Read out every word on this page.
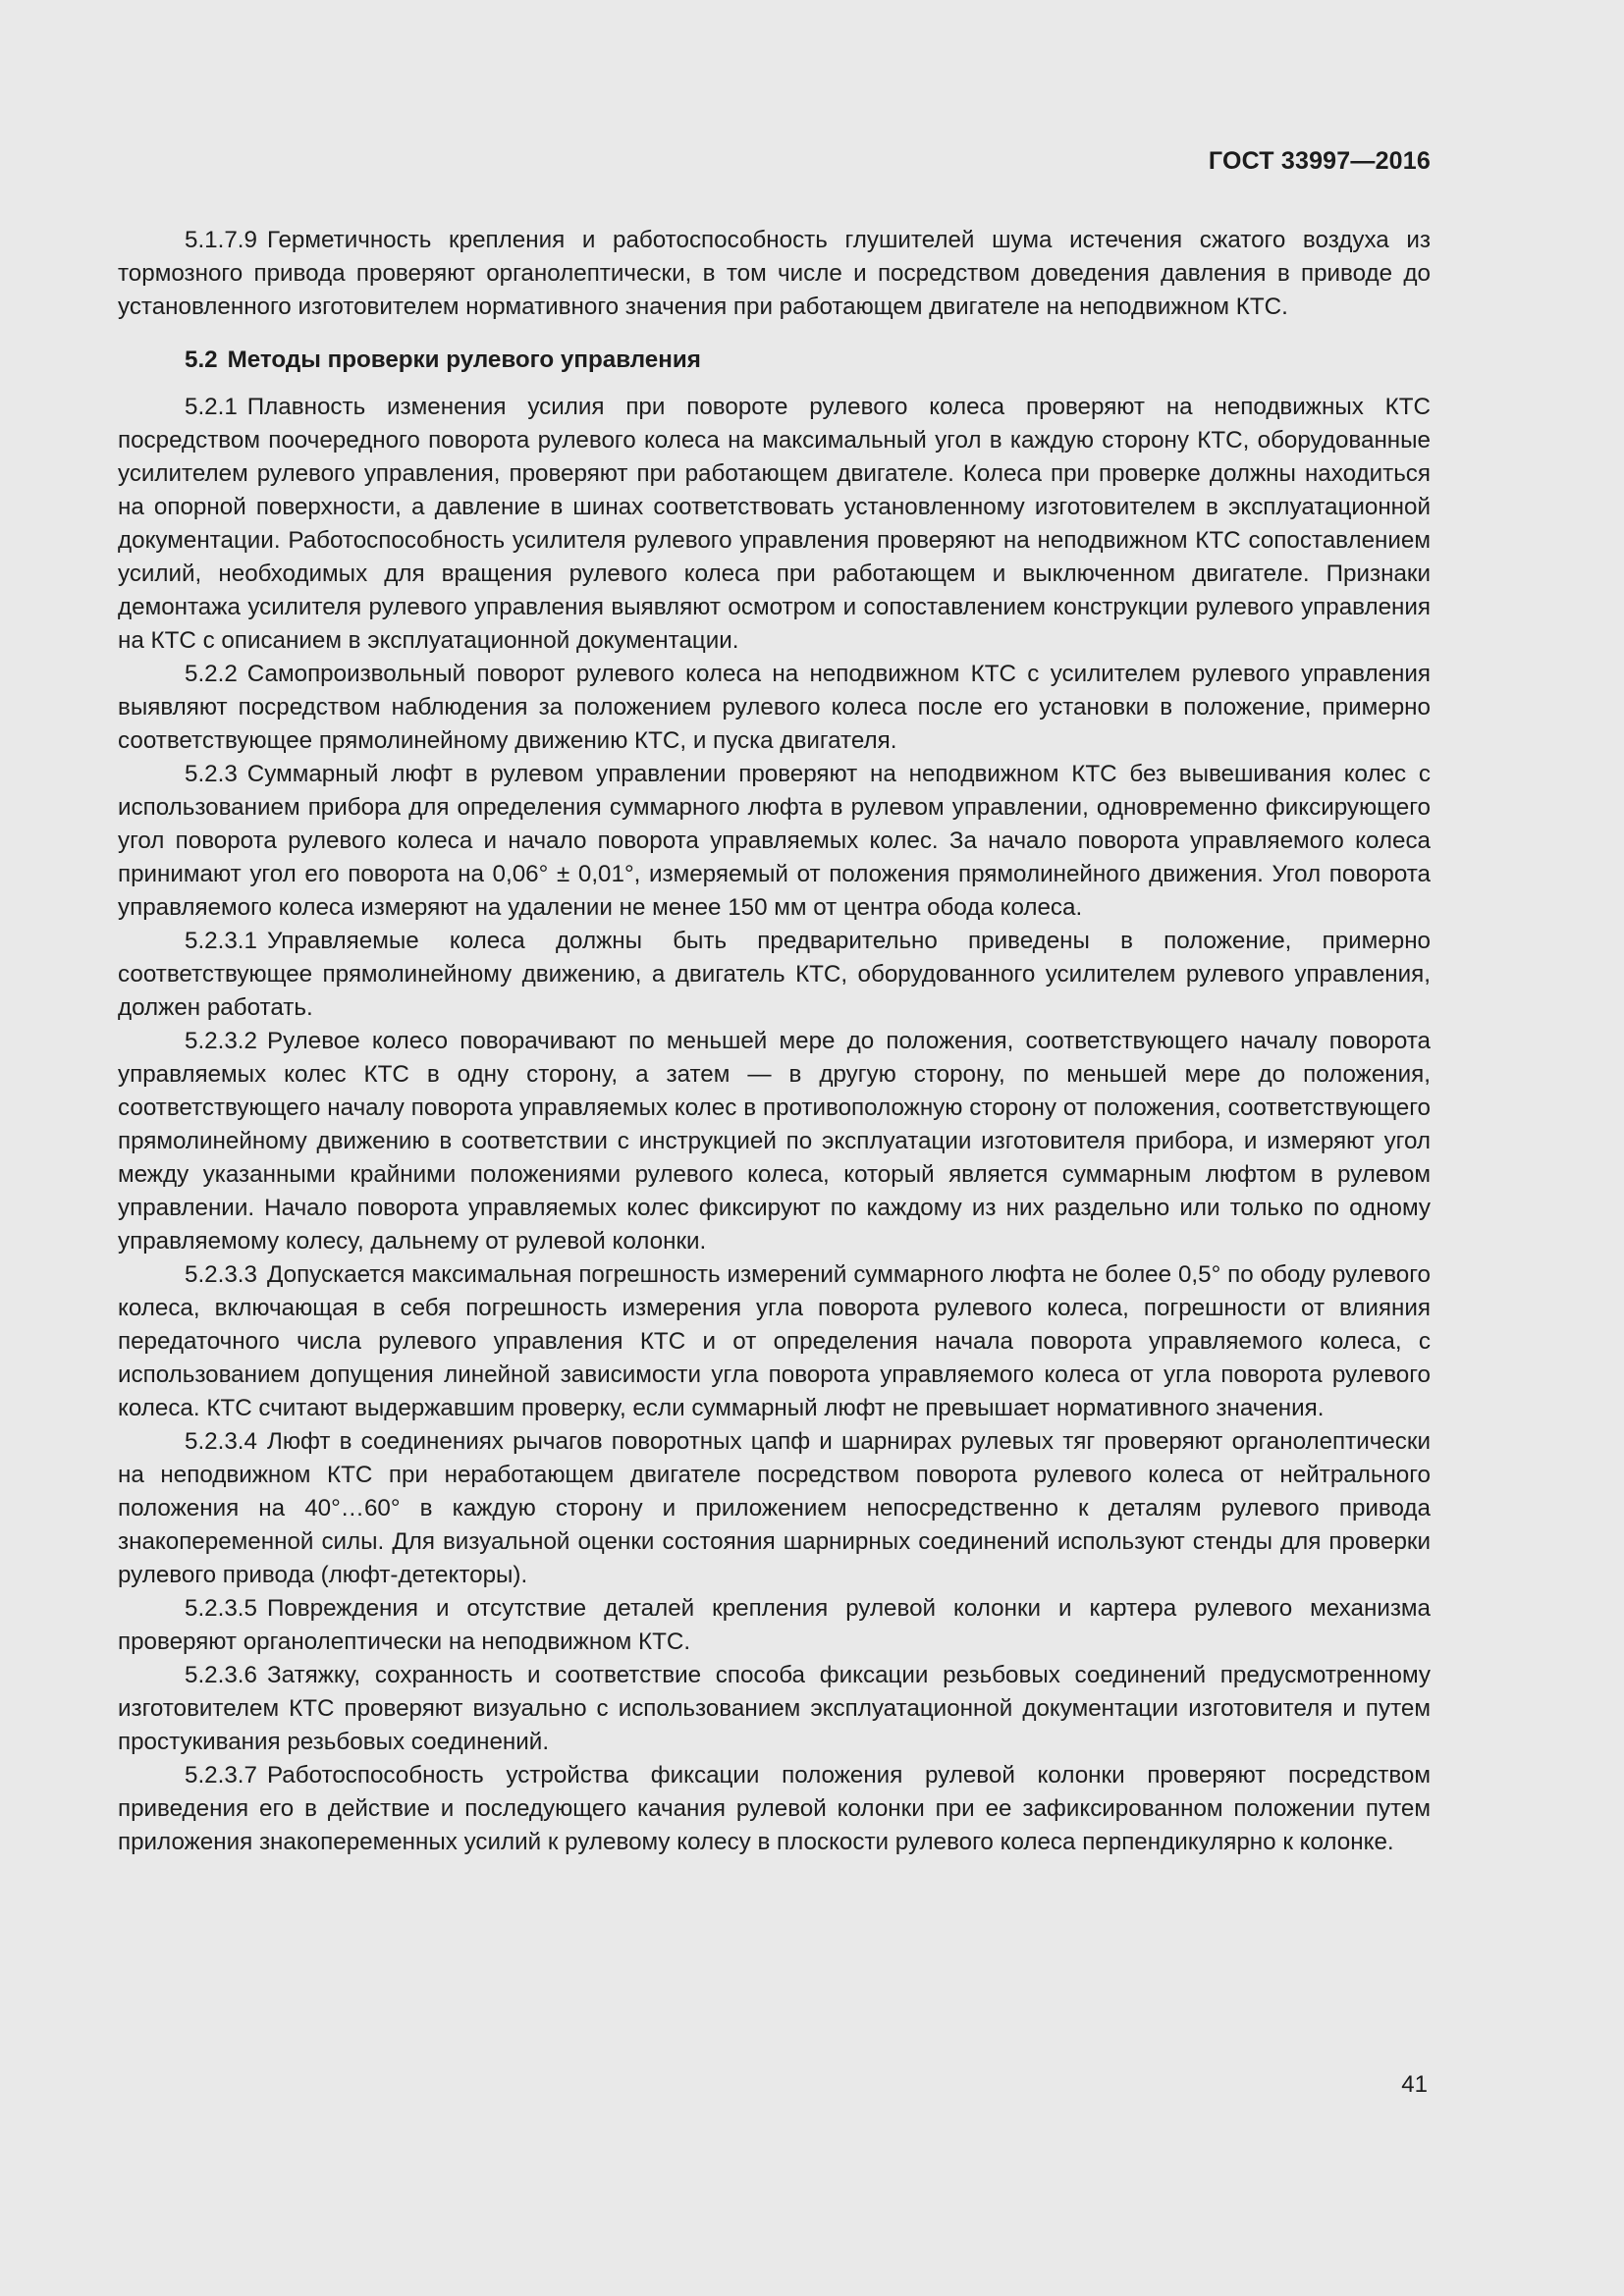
ГОСТ 33997—2016

5.1.7.9 Герметичность крепления и работоспособность глушителей шума истечения сжатого воздуха из тормозного привода проверяют органолептически, в том числе и посредством доведения давления в приводе до установленного изготовителем нормативного значения при работающем двигателе на неподвижном КТС.

5.2 Методы проверки рулевого управления

5.2.1 Плавность изменения усилия при повороте рулевого колеса проверяют на неподвижных КТС посредством поочередного поворота рулевого колеса на максимальный угол в каждую сторону КТС, оборудованные усилителем рулевого управления, проверяют при работающем двигателе. Колеса при проверке должны находиться на опорной поверхности, а давление в шинах соответствовать установленному изготовителем в эксплуатационной документации. Работоспособность усилителя рулевого управления проверяют на неподвижном КТС сопоставлением усилий, необходимых для вращения рулевого колеса при работающем и выключенном двигателе. Признаки демонтажа усилителя рулевого управления выявляют осмотром и сопоставлением конструкции рулевого управления на КТС с описанием в эксплуатационной документации.

5.2.2 Самопроизвольный поворот рулевого колеса на неподвижном КТС с усилителем рулевого управления выявляют посредством наблюдения за положением рулевого колеса после его установки в положение, примерно соответствующее прямолинейному движению КТС, и пуска двигателя.

5.2.3 Суммарный люфт в рулевом управлении проверяют на неподвижном КТС без вывешивания колес с использованием прибора для определения суммарного люфта в рулевом управлении, одновременно фиксирующего угол поворота рулевого колеса и начало поворота управляемых колес. За начало поворота управляемого колеса принимают угол его поворота на 0,06° ± 0,01°, измеряемый от положения прямолинейного движения. Угол поворота управляемого колеса измеряют на удалении не менее 150 мм от центра обода колеса.

5.2.3.1 Управляемые колеса должны быть предварительно приведены в положение, примерно соответствующее прямолинейному движению, а двигатель КТС, оборудованного усилителем рулевого управления, должен работать.

5.2.3.2 Рулевое колесо поворачивают по меньшей мере до положения, соответствующего началу поворота управляемых колес КТС в одну сторону, а затем — в другую сторону, по меньшей мере до положения, соответствующего началу поворота управляемых колес в противоположную сторону от положения, соответствующего прямолинейному движению в соответствии с инструкцией по эксплуатации изготовителя прибора, и измеряют угол между указанными крайними положениями рулевого колеса, который является суммарным люфтом в рулевом управлении. Начало поворота управляемых колес фиксируют по каждому из них раздельно или только по одному управляемому колесу, дальнему от рулевой колонки.

5.2.3.3 Допускается максимальная погрешность измерений суммарного люфта не более 0,5° по ободу рулевого колеса, включающая в себя погрешность измерения угла поворота рулевого колеса, погрешности от влияния передаточного числа рулевого управления КТС и от определения начала поворота управляемого колеса, с использованием допущения линейной зависимости угла поворота управляемого колеса от угла поворота рулевого колеса. КТС считают выдержавшим проверку, если суммарный люфт не превышает нормативного значения.

5.2.3.4 Люфт в соединениях рычагов поворотных цапф и шарнирах рулевых тяг проверяют органолептически на неподвижном КТС при неработающем двигателе посредством поворота рулевого колеса от нейтрального положения на 40°…60° в каждую сторону и приложением непосредственно к деталям рулевого привода знакопеременной силы. Для визуальной оценки состояния шарнирных соединений используют стенды для проверки рулевого привода (люфт-детекторы).

5.2.3.5 Повреждения и отсутствие деталей крепления рулевой колонки и картера рулевого механизма проверяют органолептически на неподвижном КТС.

5.2.3.6 Затяжку, сохранность и соответствие способа фиксации резьбовых соединений предусмотренному изготовителем КТС проверяют визуально с использованием эксплуатационной документации изготовителя и путем простукивания резьбовых соединений.

5.2.3.7 Работоспособность устройства фиксации положения рулевой колонки проверяют посредством приведения его в действие и последующего качания рулевой колонки при ее зафиксированном положении путем приложения знакопеременных усилий к рулевому колесу в плоскости рулевого колеса перпендикулярно к колонке.

41
